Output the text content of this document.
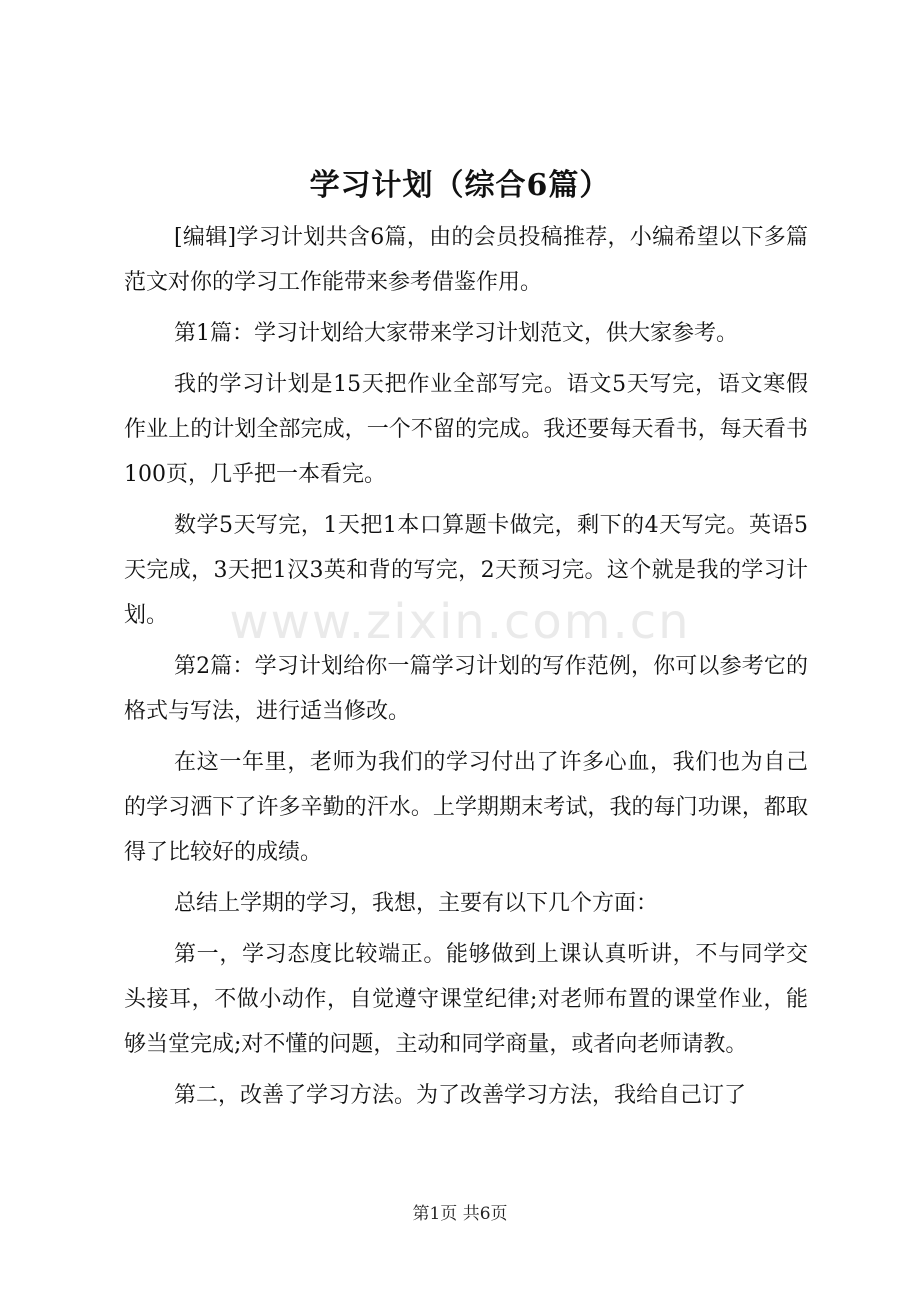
学习计划（综合6篇）

[编辑]学习计划共含6篇，由的会员投稿推荐，小编希望以下多篇范文对你的学习工作能带来参考借鉴作用。

第1篇：学习计划给大家带来学习计划范文，供大家参考。

我的学习计划是15天把作业全部写完。语文5天写完，语文寒假作业上的计划全部完成，一个不留的完成。我还要每天看书，每天看书100页，几乎把一本看完。

数学5天写完，1天把1本口算题卡做完，剩下的4天写完。英语5天完成，3天把1汉3英和背的写完，2天预习完。这个就是我的学习计划。

第2篇：学习计划给你一篇学习计划的写作范例，你可以参考它的格式与写法，进行适当修改。

在这一年里，老师为我们的学习付出了许多心血，我们也为自己的学习洒下了许多辛勤的汗水。上学期期末考试，我的每门功课，都取得了比较好的成绩。

总结上学期的学习，我想，主要有以下几个方面：

第一，学习态度比较端正。能够做到上课认真听讲，不与同学交头接耳，不做小动作，自觉遵守课堂纪律;对老师布置的课堂作业，能够当堂完成;对不懂的问题，主动和同学商量，或者向老师请教。

第二，改善了学习方法。为了改善学习方法，我给自己订了

www.zixin.com.cn
第1页 共6页
